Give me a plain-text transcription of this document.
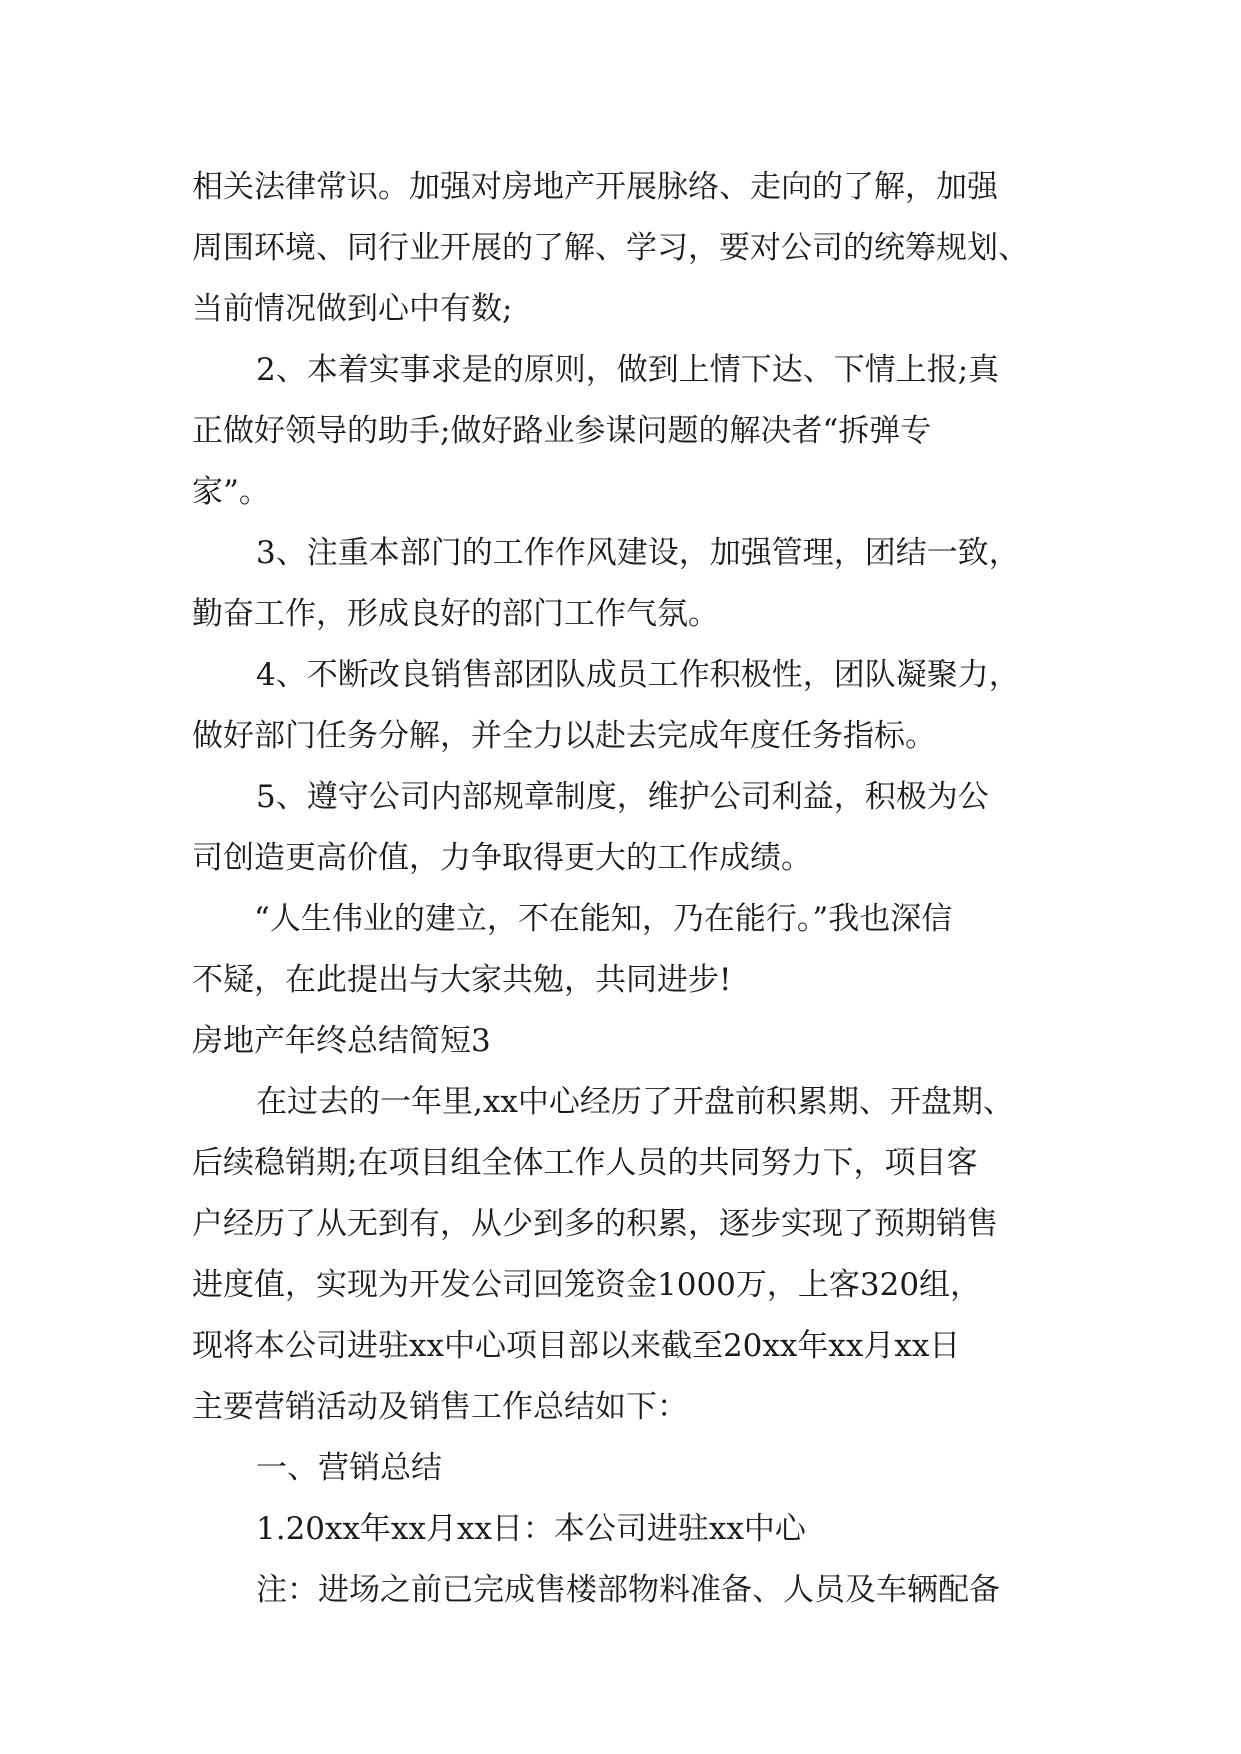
相关法律常识。加强对房地产开展脉络、走向的了解，加强
周围环境、同行业开展的了解、学习，要对公司的统筹规划、
当前情况做到心中有数;
2、本着实事求是的原则，做到上情下达、下情上报;真
正做好领导的助手;做好路业参谋问题的解决者“拆弹专
家”。
3、注重本部门的工作作风建设，加强管理，团结一致，
勤奋工作，形成良好的部门工作气氛。
4、不断改良销售部团队成员工作积极性，团队凝聚力，
做好部门任务分解，并全力以赴去完成年度任务指标。
5、遵守公司内部规章制度，维护公司利益，积极为公
司创造更高价值，力争取得更大的工作成绩。
“人生伟业的建立，不在能知，乃在能行。”我也深信
不疑，在此提出与大家共勉，共同进步!
房地产年终总结简短3
在过去的一年里,xx中心经历了开盘前积累期、开盘期、
后续稳销期;在项目组全体工作人员的共同努力下，项目客
户经历了从无到有，从少到多的积累，逐步实现了预期销售
进度值，实现为开发公司回笼资金1000万，上客320组，
现将本公司进驻xx中心项目部以来截至20xx年xx月xx日
主要营销活动及销售工作总结如下：
一、营销总结
1.20xx年xx月xx日：本公司进驻xx中心
注：进场之前已完成售楼部物料准备、人员及车辆配备
